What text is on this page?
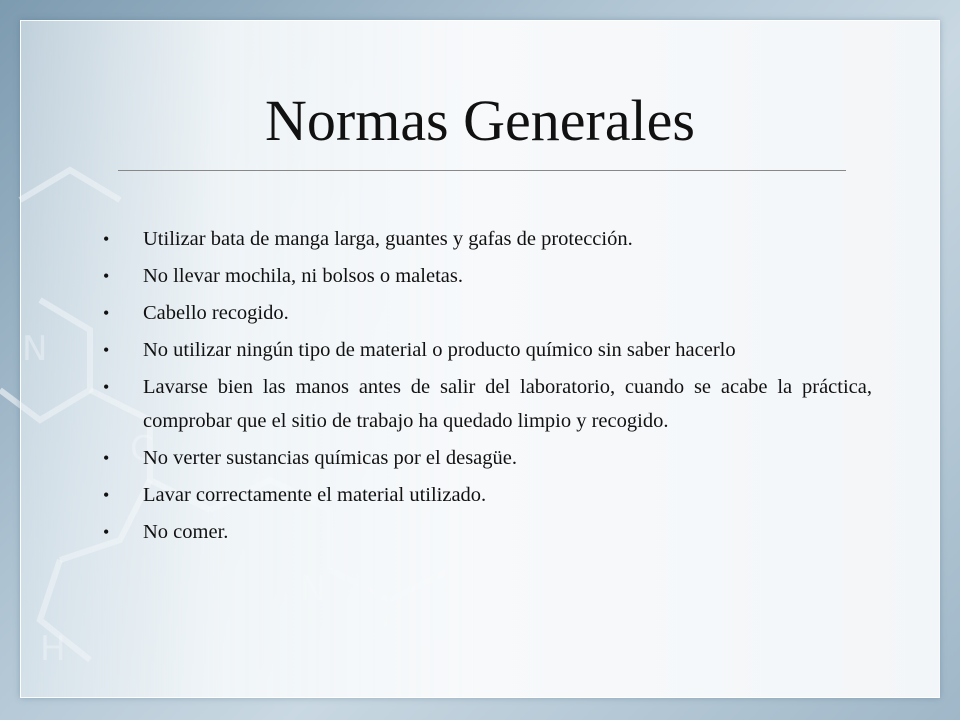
Normas Generales
• Utilizar bata de manga larga, guantes y gafas de protección.
• No llevar mochila, ni bolsos o maletas.
• Cabello recogido.
• No utilizar ningún tipo de material o producto químico sin saber hacerlo
• Lavarse bien las manos antes de salir del laboratorio, cuando se acabe la práctica, comprobar que el sitio de trabajo ha quedado limpio y recogido.
• No verter sustancias químicas por el desagüe.
• Lavar correctamente el material utilizado.
• No comer.
